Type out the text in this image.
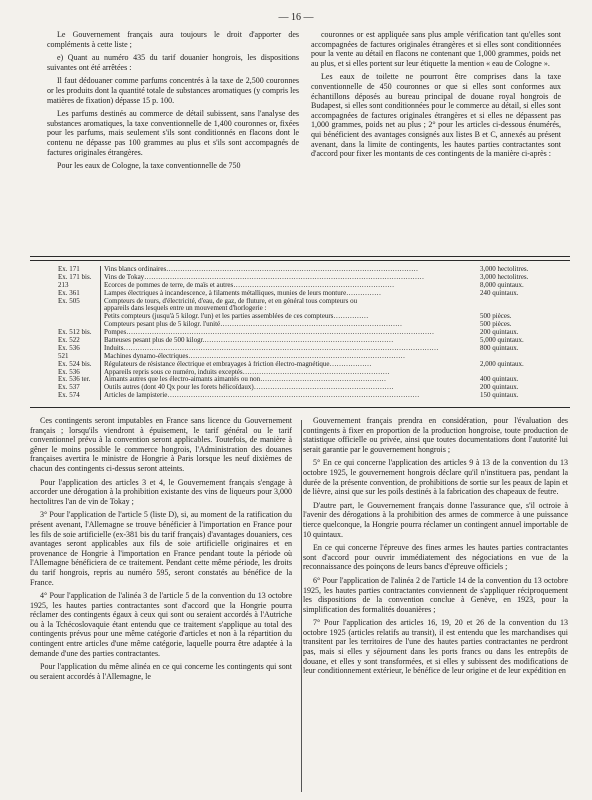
— 16 —

Le Gouvernement français aura toujours le droit d'apporter des compléments à cette liste ;

e) Quant au numéro 435 du tarif douanier hongrois, les dispositions suivantes ont été arrêtées :

Il faut dédouaner comme parfums concentrés à la taxe de 2,500 couronnes or les produits dont la quantité totale de substances aromatiques (y compris les matières de fixation) dépasse 15 p. 100.

Les parfums destinés au commerce de détail subissent, sans l'analyse des substances aromatiques, la taxe conventionnelle de 1,400 couronnes or, fixées pour les parfums, mais seulement s'ils sont conditionnés en flacons dont le contenu ne dépasse pas 100 grammes au plus et s'ils sont accompagnés de factures originales étrangères.

Pour les eaux de Cologne, la taxe conventionnelle de 750

couronnes or est appliquée sans plus ample vérification tant qu'elles sont accompagnées de factures originales étrangères et si elles sont conditionnées pour la vente au détail en flacons ne contenant que 1,000 grammes, poids net au plus, et si elles portent sur leur étiquette la mention « eau de Cologne ».

Les eaux de toilette ne pourront être comprises dans la taxe conventionnelle de 450 couronnes or que si elles sont conformes aux échantillons déposés au bureau principal de douane royal hongrois de Budapest, si elles sont conditionnées pour le commerce au détail, si elles sont accompagnées de factures originales étrangères et si elles ne dépassent pas 1,000 grammes, poids net au plus ; 2° pour les articles ci-dessous énumérés, qui bénéficient des avantages consignés aux listes B et C, annexés au présent avenant, dans la limite de contingents, les hautes parties contractantes sont d'accord pour fixer les montants de ces contingents de la manière ci-après :

Ex. 171	Vins blancs ordinaires………………………………………………………………………………………………	3,000 hectolitres.
Ex. 171 bis.	Vins de Tokay…………………………………………………………………………………………………………	3,000 hectolitres.
213	Écorces de pommes de terre, de maïs et autres……………………………………………………………	8,000 quintaux.
Ex. 361	Lampes électriques à incandescence, à filaments métalliques, munies de leurs monture……………	240 quintaux.
Ex. 505	Compteurs de tours, d'électricité, d'eau, de gaz, de fluture, et en général tous compteurs ou
appareils dans lesquels entre un mouvement d'horlogerie :
Petits compteurs (jusqu'à 5 kilogr. l'un) et les parties assemblées de ces compteurs……………	500 pièces.
Compteurs pesant plus de 5 kilogr. l'unité……………………………………………………………………	500 pièces.
Ex. 512 bis.	Pompes……………………………………………………………………………………………………………………	200 quintaux.
Ex. 522	Batteuses pesant plus de 500 kilogr.………………………………………………………………………	5,000 quintaux.
Ex. 536	Induits………………………………………………………………………………………………………………………	800 quintaux.
521	Machines dynamo-électriques…………………………………………………………………………………
Ex. 524 bis.	Régulateurs de résistance électrique et embrayages à friction électro-magnétique………………	2,000 quintaux.
Ex. 536	Appareils repris sous ce numéro, induits exceptés………………………………………………………
Ex. 536 ter.	Aimants autres que les électro-aimants aimantés ou non………………………………………………	400 quintaux.
Ex. 537	Outils autres (dont 40 Qx pour les forets hélicoïdaux)……………………………………………………	200 quintaux.
Ex. 574	Articles de lampisterie………………………………………………………………………………………………	150 quintaux.

Ces contingents seront imputables en France sans licence du Gouvernement français ; lorsqu'ils viendront à épuisement, le tarif général ou le tarif conventionnel prévu à la convention seront applicables. Toutefois, de manière à gêner le moins possible le commerce hongrois, l'Administration des douanes françaises avertira le ministre de Hongrie à Paris lorsque les neuf dixièmes de chacun des contingents ci-dessus seront atteints.

Pour l'application des articles 3 et 4, le Gouvernement français s'engage à accorder une dérogation à la prohibition existante des vins de liqueurs pour 3,000 hectolitres l'an de vin de Tokay ;

3° Pour l'application de l'article 5 (liste D), si, au moment de la ratification du présent avenant, l'Allemagne se trouve bénéficier à l'importation en France pour les fils de soie artificielle (ex-381 bis du tarif français) d'avantages douaniers, ces avantages seront applicables aux fils de soie artificielle originaires et en provenance de Hongrie à l'importation en France pendant toute la période où l'Allemagne bénéficiera de ce traitement. Pendant cette même période, les droits du tarif hongrois, repris au numéro 595, seront constatés au bénéfice de la France.

4° Pour l'application de l'alinéa 3 de l'article 5 de la convention du 13 octobre 1925, les hautes parties contractantes sont d'accord que la Hongrie pourra réclamer des contingents égaux à ceux qui sont ou seraient accordés à l'Autriche ou à la Tchécoslovaquie étant entendu que ce traitement s'applique au total des contingents prévus pour une même catégorie d'articles et non à la répartition du contingent entre articles d'une même catégorie, laquelle pourra être adaptée à la demande d'une des parties contractantes.

Pour l'application du même alinéa en ce qui concerne les contingents qui sont ou seraient accordés à l'Allemagne, le

Gouvernement français prendra en considération, pour l'évaluation des contingents à fixer en proportion de la production hongroise, toute production de statistique officielle ou privée, ainsi que toutes documentations dont l'autorité lui serait garantie par le gouvernement hongrois ;

5° En ce qui concerne l'application des articles 9 à 13 de la convention du 13 octobre 1925, le gouvernement hongrois déclare qu'il n'instituera pas, pendant la durée de la présente convention, de prohibitions de sortie sur les peaux de lapin et de lièvre, ainsi que sur les poils destinés à la fabrication des chapeaux de feutre.

D'autre part, le Gouvernement français donne l'assurance que, s'il octroie à l'avenir des dérogations à la prohibition des armes de commerce à une puissance tierce quelconque, la Hongrie pourra réclamer un contingent annuel importable de 10 quintaux.

En ce qui concerne l'épreuve des fines armes les hautes parties contractantes sont d'accord pour ouvrir immédiatement des négociations en vue de la reconnaissance des poinçons de leurs bancs d'épreuve officiels ;

6° Pour l'application de l'alinéa 2 de l'article 14 de la convention du 13 octobre 1925, les hautes parties contractantes conviennent de s'appliquer réciproquement les dispositions de la convention conclue à Genève, en 1923, pour la simplification des formalités douanières ;

7° Pour l'application des articles 16, 19, 20 et 26 de la convention du 13 octobre 1925 (articles relatifs au transit), il est entendu que les marchandises qui transitent par les territoires de l'une des hautes parties contractantes ne perdront pas, mais si elles y séjournent dans les ports francs ou dans les entrepôts de douane, et elles y sont transformées, et si elles y subissent des modifications de leur conditionnement extérieur, le bénéfice de leur origine et de leur expédition en
